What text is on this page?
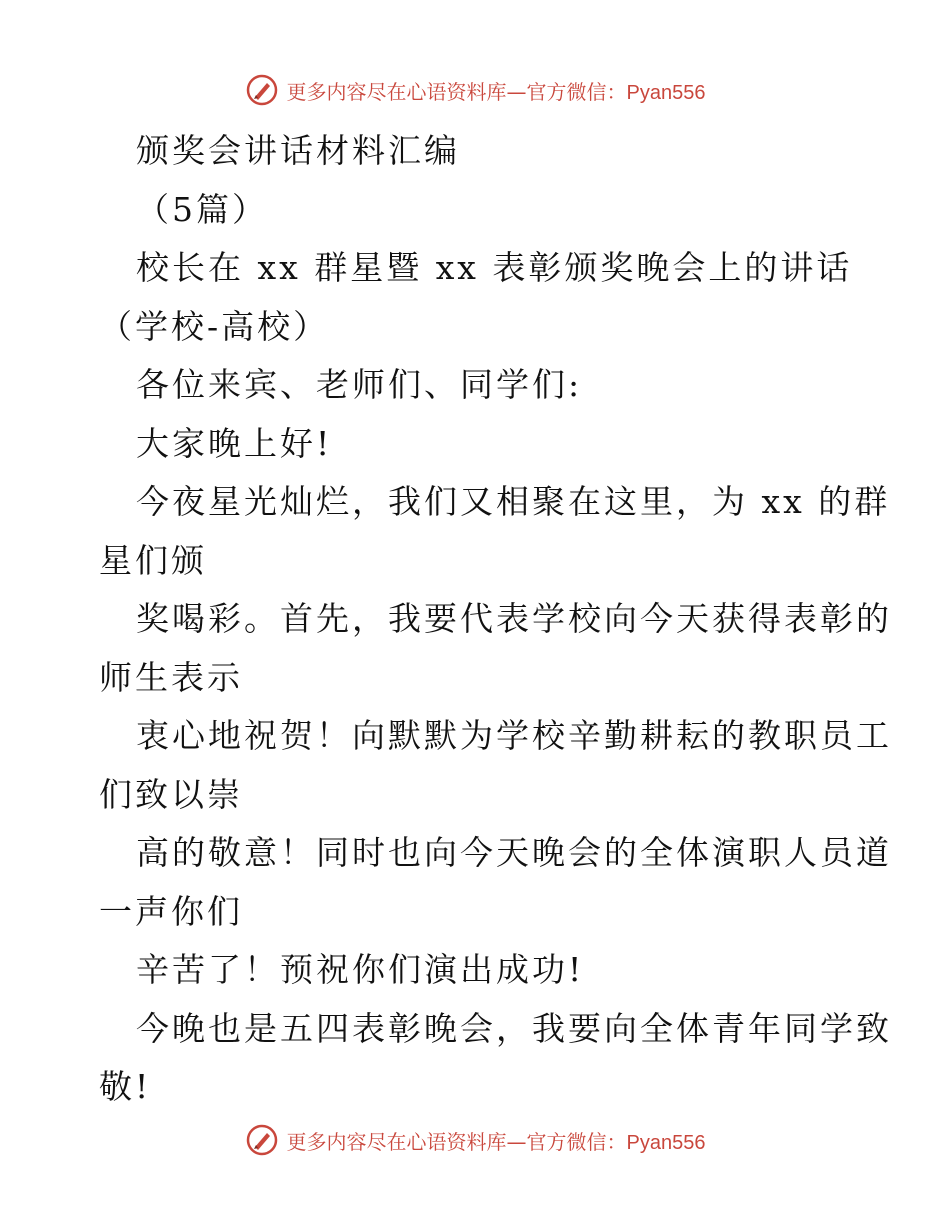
更多内容尽在心语资料库—官方微信：Pyan556
颁奖会讲话材料汇编
（5篇）
校长在 xx 群星暨 xx 表彰颁奖晚会上的讲话
（学校-高校）
各位来宾、老师们、同学们:
大家晚上好!
今夜星光灿烂，我们又相聚在这里，为 xx 的群
星们颁
奖喝彩。首先，我要代表学校向今天获得表彰的
师生表示
衷心地祝贺！向默默为学校辛勤耕耘的教职员工
们致以崇
高的敬意！同时也向今天晚会的全体演职人员道
一声你们
辛苦了！预祝你们演出成功!
今晚也是五四表彰晚会，我要向全体青年同学致
敬!
更多内容尽在心语资料库—官方微信：Pyan556
